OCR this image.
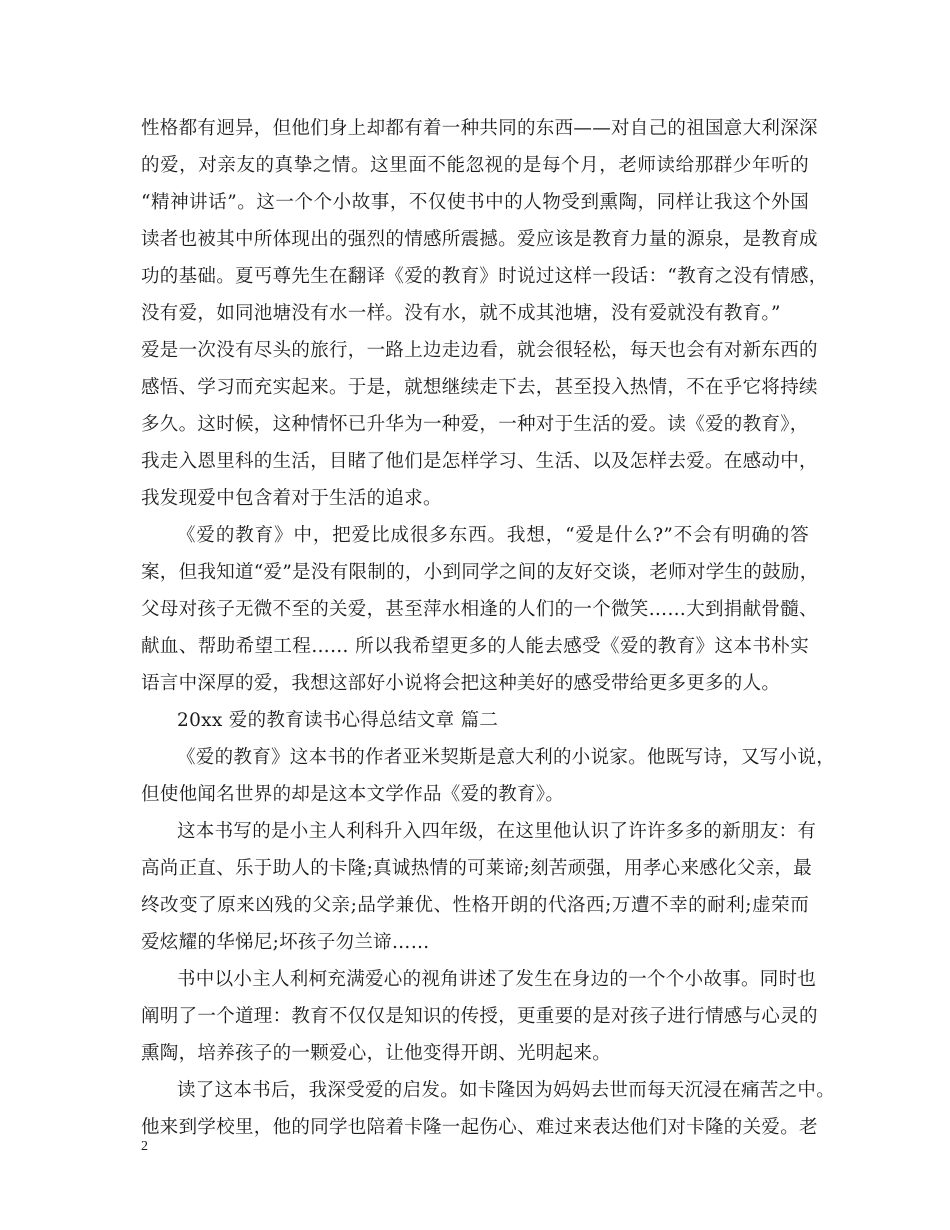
性格都有迥异，但他们身上却都有着一种共同的东西——对自己的祖国意大利深深
的爱，对亲友的真挚之情。这里面不能忽视的是每个月，老师读给那群少年听的
“精神讲话”。这一个个小故事，不仅使书中的人物受到熏陶，同样让我这个外国
读者也被其中所体现出的强烈的情感所震撼。爱应该是教育力量的源泉，是教育成
功的基础。夏丐尊先生在翻译《爱的教育》时说过这样一段话：“教育之没有情感，
没有爱，如同池塘没有水一样。没有水，就不成其池塘，没有爱就没有教育。”
爱是一次没有尽头的旅行，一路上边走边看，就会很轻松，每天也会有对新东西的
感悟、学习而充实起来。于是，就想继续走下去，甚至投入热情，不在乎它将持续
多久。这时候，这种情怀已升华为一种爱，一种对于生活的爱。读《爱的教育》，
我走入恩里科的生活，目睹了他们是怎样学习、生活、以及怎样去爱。在感动中，
我发现爱中包含着对于生活的追求。
《爱的教育》中，把爱比成很多东西。我想，“爱是什么?”不会有明确的答
案，但我知道“爱”是没有限制的，小到同学之间的友好交谈，老师对学生的鼓励，
父母对孩子无微不至的关爱，甚至萍水相逢的人们的一个微笑……大到捐献骨髓、
献血、帮助希望工程…… 所以我希望更多的人能去感受《爱的教育》这本书朴实
语言中深厚的爱，我想这部好小说将会把这种美好的感受带给更多更多的人。
20xx 爱的教育读书心得总结文章 篇二
《爱的教育》这本书的作者亚米契斯是意大利的小说家。他既写诗，又写小说，
但使他闻名世界的却是这本文学作品《爱的教育》。
这本书写的是小主人利科升入四年级，在这里他认识了许许多多的新朋友：有
高尚正直、乐于助人的卡隆;真诚热情的可莱谛;刻苦顽强，用孝心来感化父亲，最
终改变了原来凶残的父亲;品学兼优、性格开朗的代洛西;万遭不幸的耐利;虚荣而
爱炫耀的华悌尼;坏孩子勿兰谛……
书中以小主人利柯充满爱心的视角讲述了发生在身边的一个个小故事。同时也
阐明了一个道理：教育不仅仅是知识的传授，更重要的是对孩子进行情感与心灵的
熏陶，培养孩子的一颗爱心，让他变得开朗、光明起来。
读了这本书后，我深受爱的启发。如卡隆因为妈妈去世而每天沉浸在痛苦之中。
他来到学校里，他的同学也陪着卡隆一起伤心、难过来表达他们对卡隆的关爱。老
2
